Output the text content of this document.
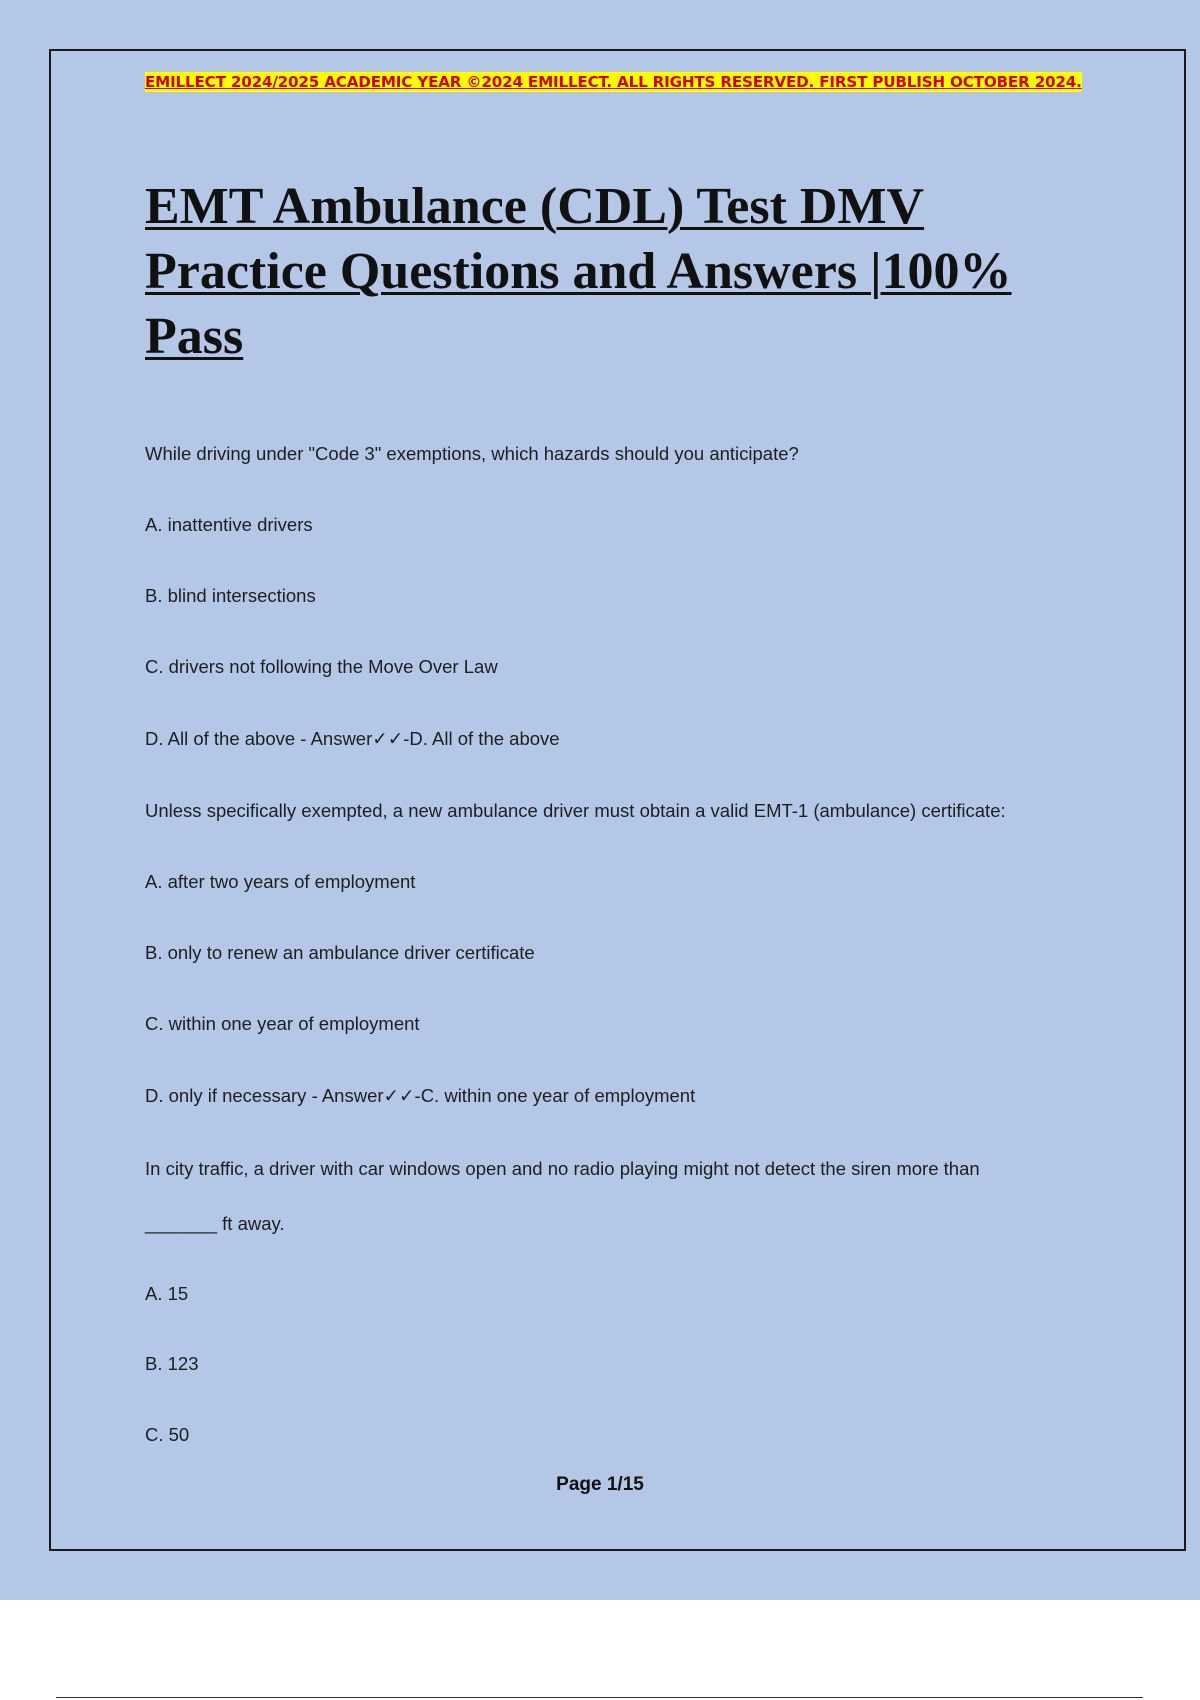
EMILLECT 2024/2025 ACADEMIC YEAR ©2024 EMILLECT. ALL RIGHTS RESERVED. FIRST PUBLISH OCTOBER 2024.
EMT Ambulance (CDL) Test DMV
Practice Questions and Answers |100%
Pass
While driving under "Code 3" exemptions, which hazards should you anticipate?
A. inattentive drivers
B. blind intersections
C. drivers not following the Move Over Law
D. All of the above - Answer✓✓-D. All of the above
Unless specifically exempted, a new ambulance driver must obtain a valid EMT-1 (ambulance) certificate:
A. after two years of employment
B. only to renew an ambulance driver certificate
C. within one year of employment
D. only if necessary - Answer✓✓-C. within one year of employment
In city traffic, a driver with car windows open and no radio playing might not detect the siren more than
_______ ft away.
A. 15
B. 123
C. 50
Page 1/15
